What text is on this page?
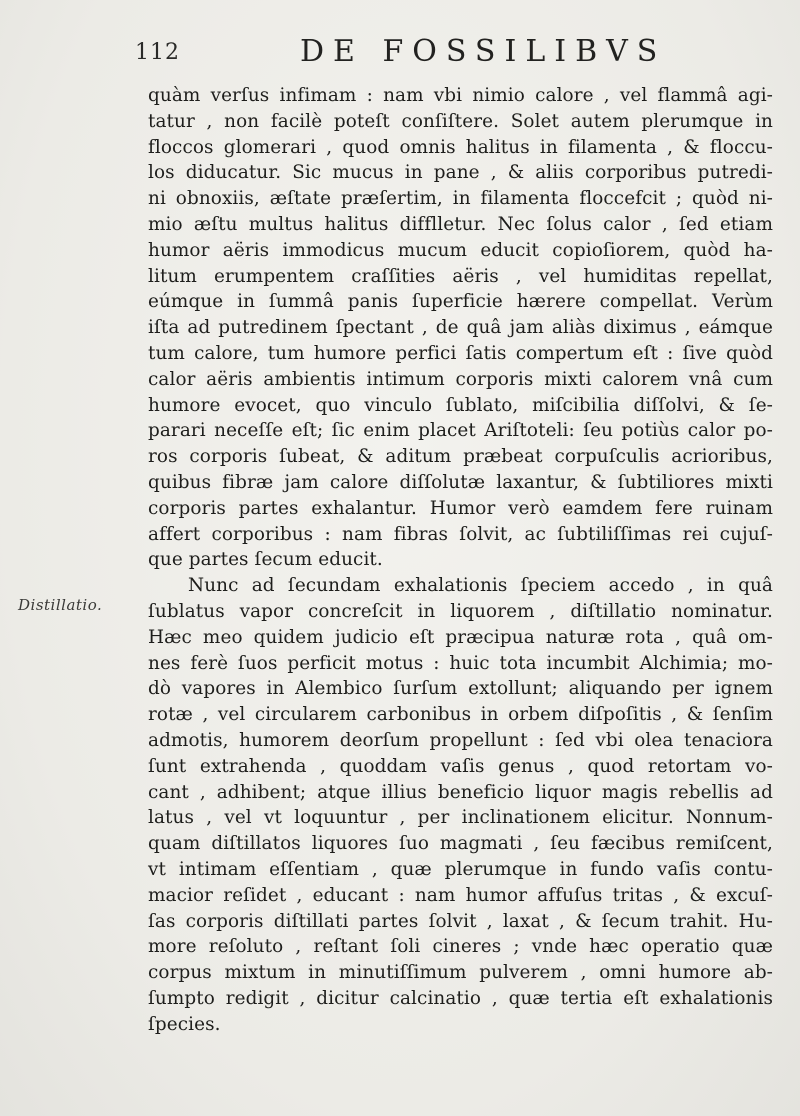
112	DE FOSSILIBVS
Distillatio.
quàm verſus infimam : nam vbi nimio calore , vel flammâ agi-
tatur , non facilè poteſt conſiſtere. Solet autem plerumque in
floccos glomerari , quod omnis halitus in filamenta , & floccu-
los diducatur. Sic mucus in pane , & aliis corporibus putredi-
ni obnoxiis, æſtate præſertim, in filamenta floccefcit ; quòd ni-
mio æſtu multus halitus difflletur. Nec ſolus calor , ſed etiam
humor aëris immodicus mucum educit copioſiorem, quòd ha-
litum erumpentem craſſities aëris , vel humiditas repellat,
eúmque in ſummâ panis ſuperficie hærere compellat. Verùm
iſta ad putredinem ſpectant , de quâ jam aliàs diximus , eámque
tum calore, tum humore perfici ſatis compertum eſt : ſive quòd
calor aëris ambientis intimum corporis mixti calorem vnâ cum
humore evocet, quo vinculo ſublato, miſcibilia diſſolvi, & ſe-
parari neceſſe eſt; ſic enim placet Ariſtoteli: ſeu potiùs calor po-
ros corporis ſubeat, & aditum præbeat corpuſculis acrioribus,
quibus fibræ jam calore diſſolutæ laxantur, & ſubtiliores mixti
corporis partes exhalantur. Humor verò eamdem fere ruinam
affert corporibus : nam fibras ſolvit, ac ſubtiliſſimas rei cujuſ-
que partes ſecum educit.
Nunc ad ſecundam exhalationis ſpeciem accedo , in quâ
ſublatus vapor concreſcit in liquorem , diſtillatio nominatur.
Hæc meo quidem judicio eſt præcipua naturæ rota , quâ om-
nes ferè ſuos perficit motus : huic tota incumbit Alchimia; mo-
dò vapores in Alembico ſurſum extollunt; aliquando per ignem
rotæ , vel circularem carbonibus in orbem diſpoſitis , & ſenſim
admotis, humorem deorſum propellunt : ſed vbi olea tenaciora
ſunt extrahenda , quoddam vaſis genus , quod retortam vo-
cant , adhibent; atque illius beneficio liquor magis rebellis ad
latus , vel vt loquuntur , per inclinationem elicitur. Nonnum-
quam diſtillatos liquores ſuo magmati , ſeu fæcibus remiſcent,
vt intimam eſſentiam , quæ plerumque in fundo vaſis contu-
macior reſidet , educant : nam humor affuſus tritas , & excuſ-
ſas corporis diſtillati partes ſolvit , laxat , & ſecum trahit. Hu-
more reſoluto , reſtant ſoli cineres ; vnde hæc operatio quæ
corpus mixtum in minutiſſimum pulverem , omni humore ab-
ſumpto redigit , dicitur calcinatio , quæ tertia eſt exhalationis
ſpecies.
